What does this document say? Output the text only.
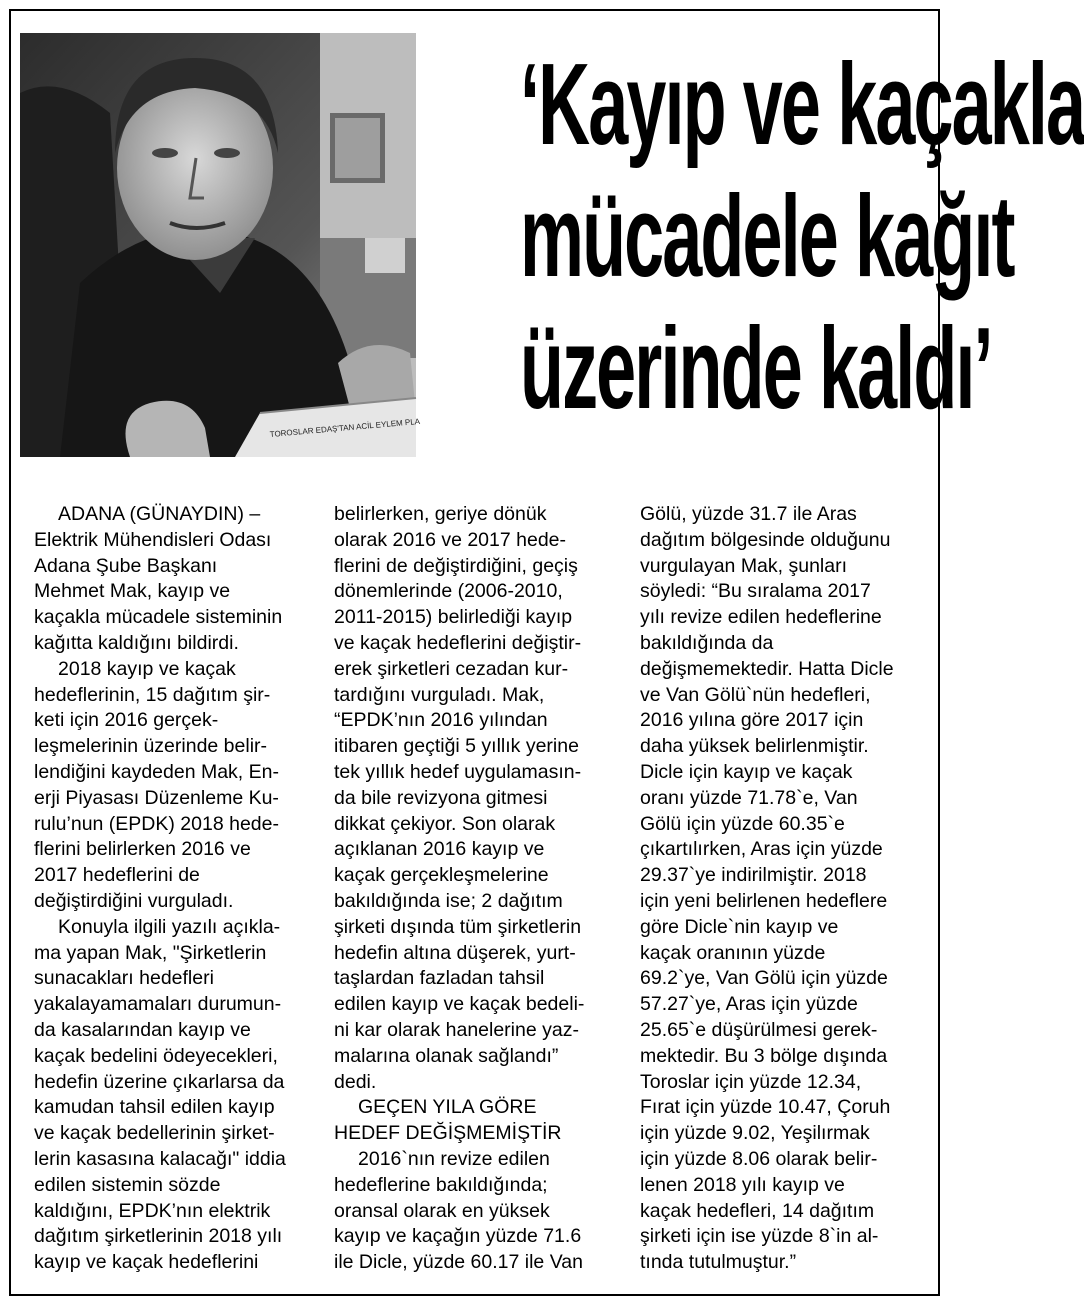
TOROSLAR EDAŞ'TAN ACİL EYLEM PLA
‘Kayıp ve kaçakla
mücadele kağıt
üzerinde kaldı’

ADANA (GÜNAYDIN) –
Elektrik Mühendisleri Odası
Adana Şube Başkanı
Mehmet Mak, kayıp ve
kaçakla mücadele sisteminin
kağıtta kaldığını bildirdi.

2018 kayıp ve kaçak
hedeflerinin, 15 dağıtım şir-
keti için 2016 gerçek-
leşmelerinin üzerinde belir-
lendiğini kaydeden Mak, En-
erji Piyasası Düzenleme Ku-
rulu’nun (EPDK) 2018 hede-
flerini belirlerken 2016 ve
2017 hedeflerini de
değiştirdiğini vurguladı.

Konuyla ilgili yazılı açıkla-
ma yapan Mak, "Şirketlerin
sunacakları hedefleri
yakalayamamaları durumun-
da kasalarından kayıp ve
kaçak bedelini ödeyecekleri,
hedefin üzerine çıkarlarsa da
kamudan tahsil edilen kayıp
ve kaçak bedellerinin şirket-
lerin kasasına kalacağı" iddia
edilen sistemin sözde
kaldığını, EPDK’nın elektrik
dağıtım şirketlerinin 2018 yılı
kayıp ve kaçak hedeflerini

belirlerken, geriye dönük
olarak 2016 ve 2017 hede-
flerini de değiştirdiğini, geçiş
dönemlerinde (2006-2010,
2011-2015) belirlediği kayıp
ve kaçak hedeflerini değiştir-
erek şirketleri cezadan kur-
tardığını vurguladı. Mak,
“EPDK’nın 2016 yılından
itibaren geçtiği 5 yıllık yerine
tek yıllık hedef uygulamasın-
da bile revizyona gitmesi
dikkat çekiyor. Son olarak
açıklanan 2016 kayıp ve
kaçak gerçekleşmelerine
bakıldığında ise; 2 dağıtım
şirketi dışında tüm şirketlerin
hedefin altına düşerek, yurt-
taşlardan fazladan tahsil
edilen kayıp ve kaçak bedeli-
ni kar olarak hanelerine yaz-
malarına olanak sağlandı”
dedi.

GEÇEN YILA GÖRE
HEDEF DEĞİŞMEMİŞTİR

2016`nın revize edilen
hedeflerine bakıldığında;
oransal olarak en yüksek
kayıp ve kaçağın yüzde 71.6
ile Dicle, yüzde 60.17 ile Van

Gölü, yüzde 31.7 ile Aras
dağıtım bölgesinde olduğunu
vurgulayan Mak, şunları
söyledi: “Bu sıralama 2017
yılı revize edilen hedeflerine
bakıldığında da
değişmemektedir. Hatta Dicle
ve Van Gölü`nün hedefleri,
2016 yılına göre 2017 için
daha yüksek belirlenmiştir.
Dicle için kayıp ve kaçak
oranı yüzde 71.78`e, Van
Gölü için yüzde 60.35`e
çıkartılırken, Aras için yüzde
29.37`ye indirilmiştir. 2018
için yeni belirlenen hedeflere
göre Dicle`nin kayıp ve
kaçak oranının yüzde
69.2`ye, Van Gölü için yüzde
57.27`ye, Aras için yüzde
25.65`e düşürülmesi gerek-
mektedir. Bu 3 bölge dışında
Toroslar için yüzde 12.34,
Fırat için yüzde 10.47, Çoruh
için yüzde 9.02, Yeşilırmak
için yüzde 8.06 olarak belir-
lenen 2018 yılı kayıp ve
kaçak hedefleri, 14 dağıtım
şirketi için ise yüzde 8`in al-
tında tutulmuştur.”
